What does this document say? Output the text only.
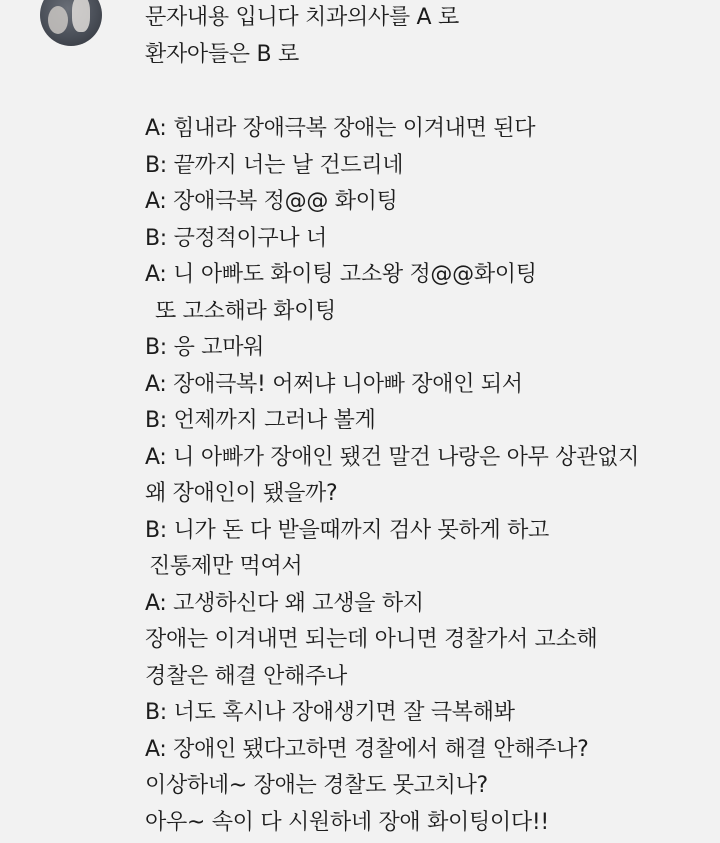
문자내용 입니다 치과의사를 A 로
환자아들은 B 로
A: 힘내라 장애극복 장애는 이겨내면 된다
B: 끝까지 너는 날 건드리네
A: 장애극복 정@@ 화이팅
B: 긍정적이구나 너
A: 니 아빠도 화이팅 고소왕 정@@화이팅
또 고소해라 화이팅
B: 응 고마워
A: 장애극복! 어쩌냐 니아빠 장애인 되서
B: 언제까지 그러나 볼게
A: 니 아빠가 장애인 됐건 말건 나랑은 아무 상관없지
왜 장애인이 됐을까?
B: 니가 돈 다 받을때까지 검사 못하게 하고
진통제만 먹여서
A: 고생하신다 왜 고생을 하지
장애는 이겨내면 되는데 아니면 경찰가서 고소해
경찰은 해결 안해주나
B: 너도 혹시나 장애생기면 잘 극복해봐
A: 장애인 됐다고하면 경찰에서 해결 안해주나?
이상하네~ 장애는 경찰도 못고치나?
아우~ 속이 다 시원하네 장애 화이팅이다!!
